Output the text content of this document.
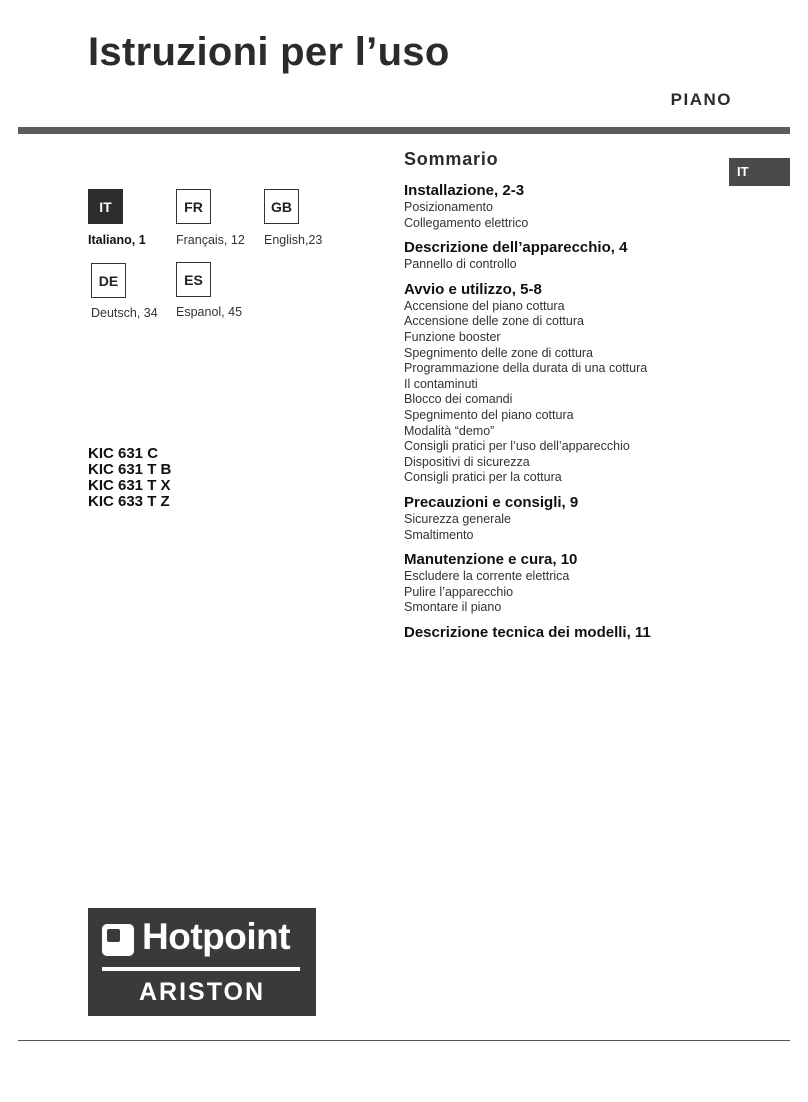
Istruzioni per l’uso
PIANO
IT
Italiano, 1
FR
Français, 12
GB
English,23
DE
Deutsch, 34
ES
Espanol, 45
KIC 631 C
KIC 631 T B
KIC 631 T X
KIC 633 T Z
Sommario
Installazione, 2-3
Posizionamento
Collegamento elettrico
Descrizione dell’apparecchio, 4
Pannello di controllo
Avvio e utilizzo, 5-8
Accensione del piano cottura
Accensione delle zone di cottura
Funzione booster
Spegnimento delle zone di cottura
Programmazione della durata di una cottura
Il contaminuti
Blocco dei comandi
Spegnimento del piano cottura
Modalità “demo”
Consigli pratici per l’uso dell’apparecchio
Dispositivi di sicurezza
Consigli pratici per la cottura
Precauzioni e consigli, 9
Sicurezza generale
Smaltimento
Manutenzione e cura, 10
Escludere la corrente elettrica
Pulire l’apparecchio
Smontare il piano
Descrizione tecnica dei modelli, 11
IT
Hotpoint
ARISTON
